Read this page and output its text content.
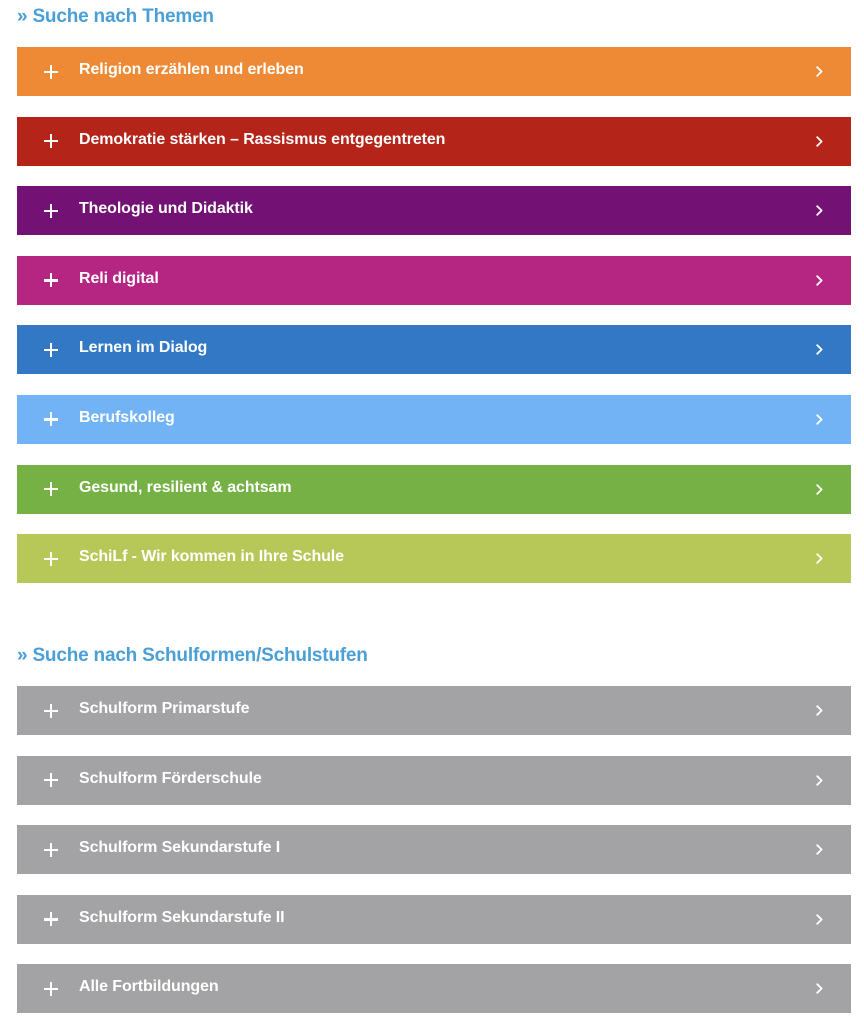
» Suche nach Themen
Religion erzählen und erleben
Demokratie stärken – Rassismus entgegentreten
Theologie und Didaktik
Reli digital
Lernen im Dialog
Berufskolleg
Gesund, resilient & achtsam
SchiLf - Wir kommen in Ihre Schule
» Suche nach Schulformen/Schulstufen
Schulform Primarstufe
Schulform Förderschule
Schulform Sekundarstufe I
Schulform Sekundarstufe II
Alle Fortbildungen
